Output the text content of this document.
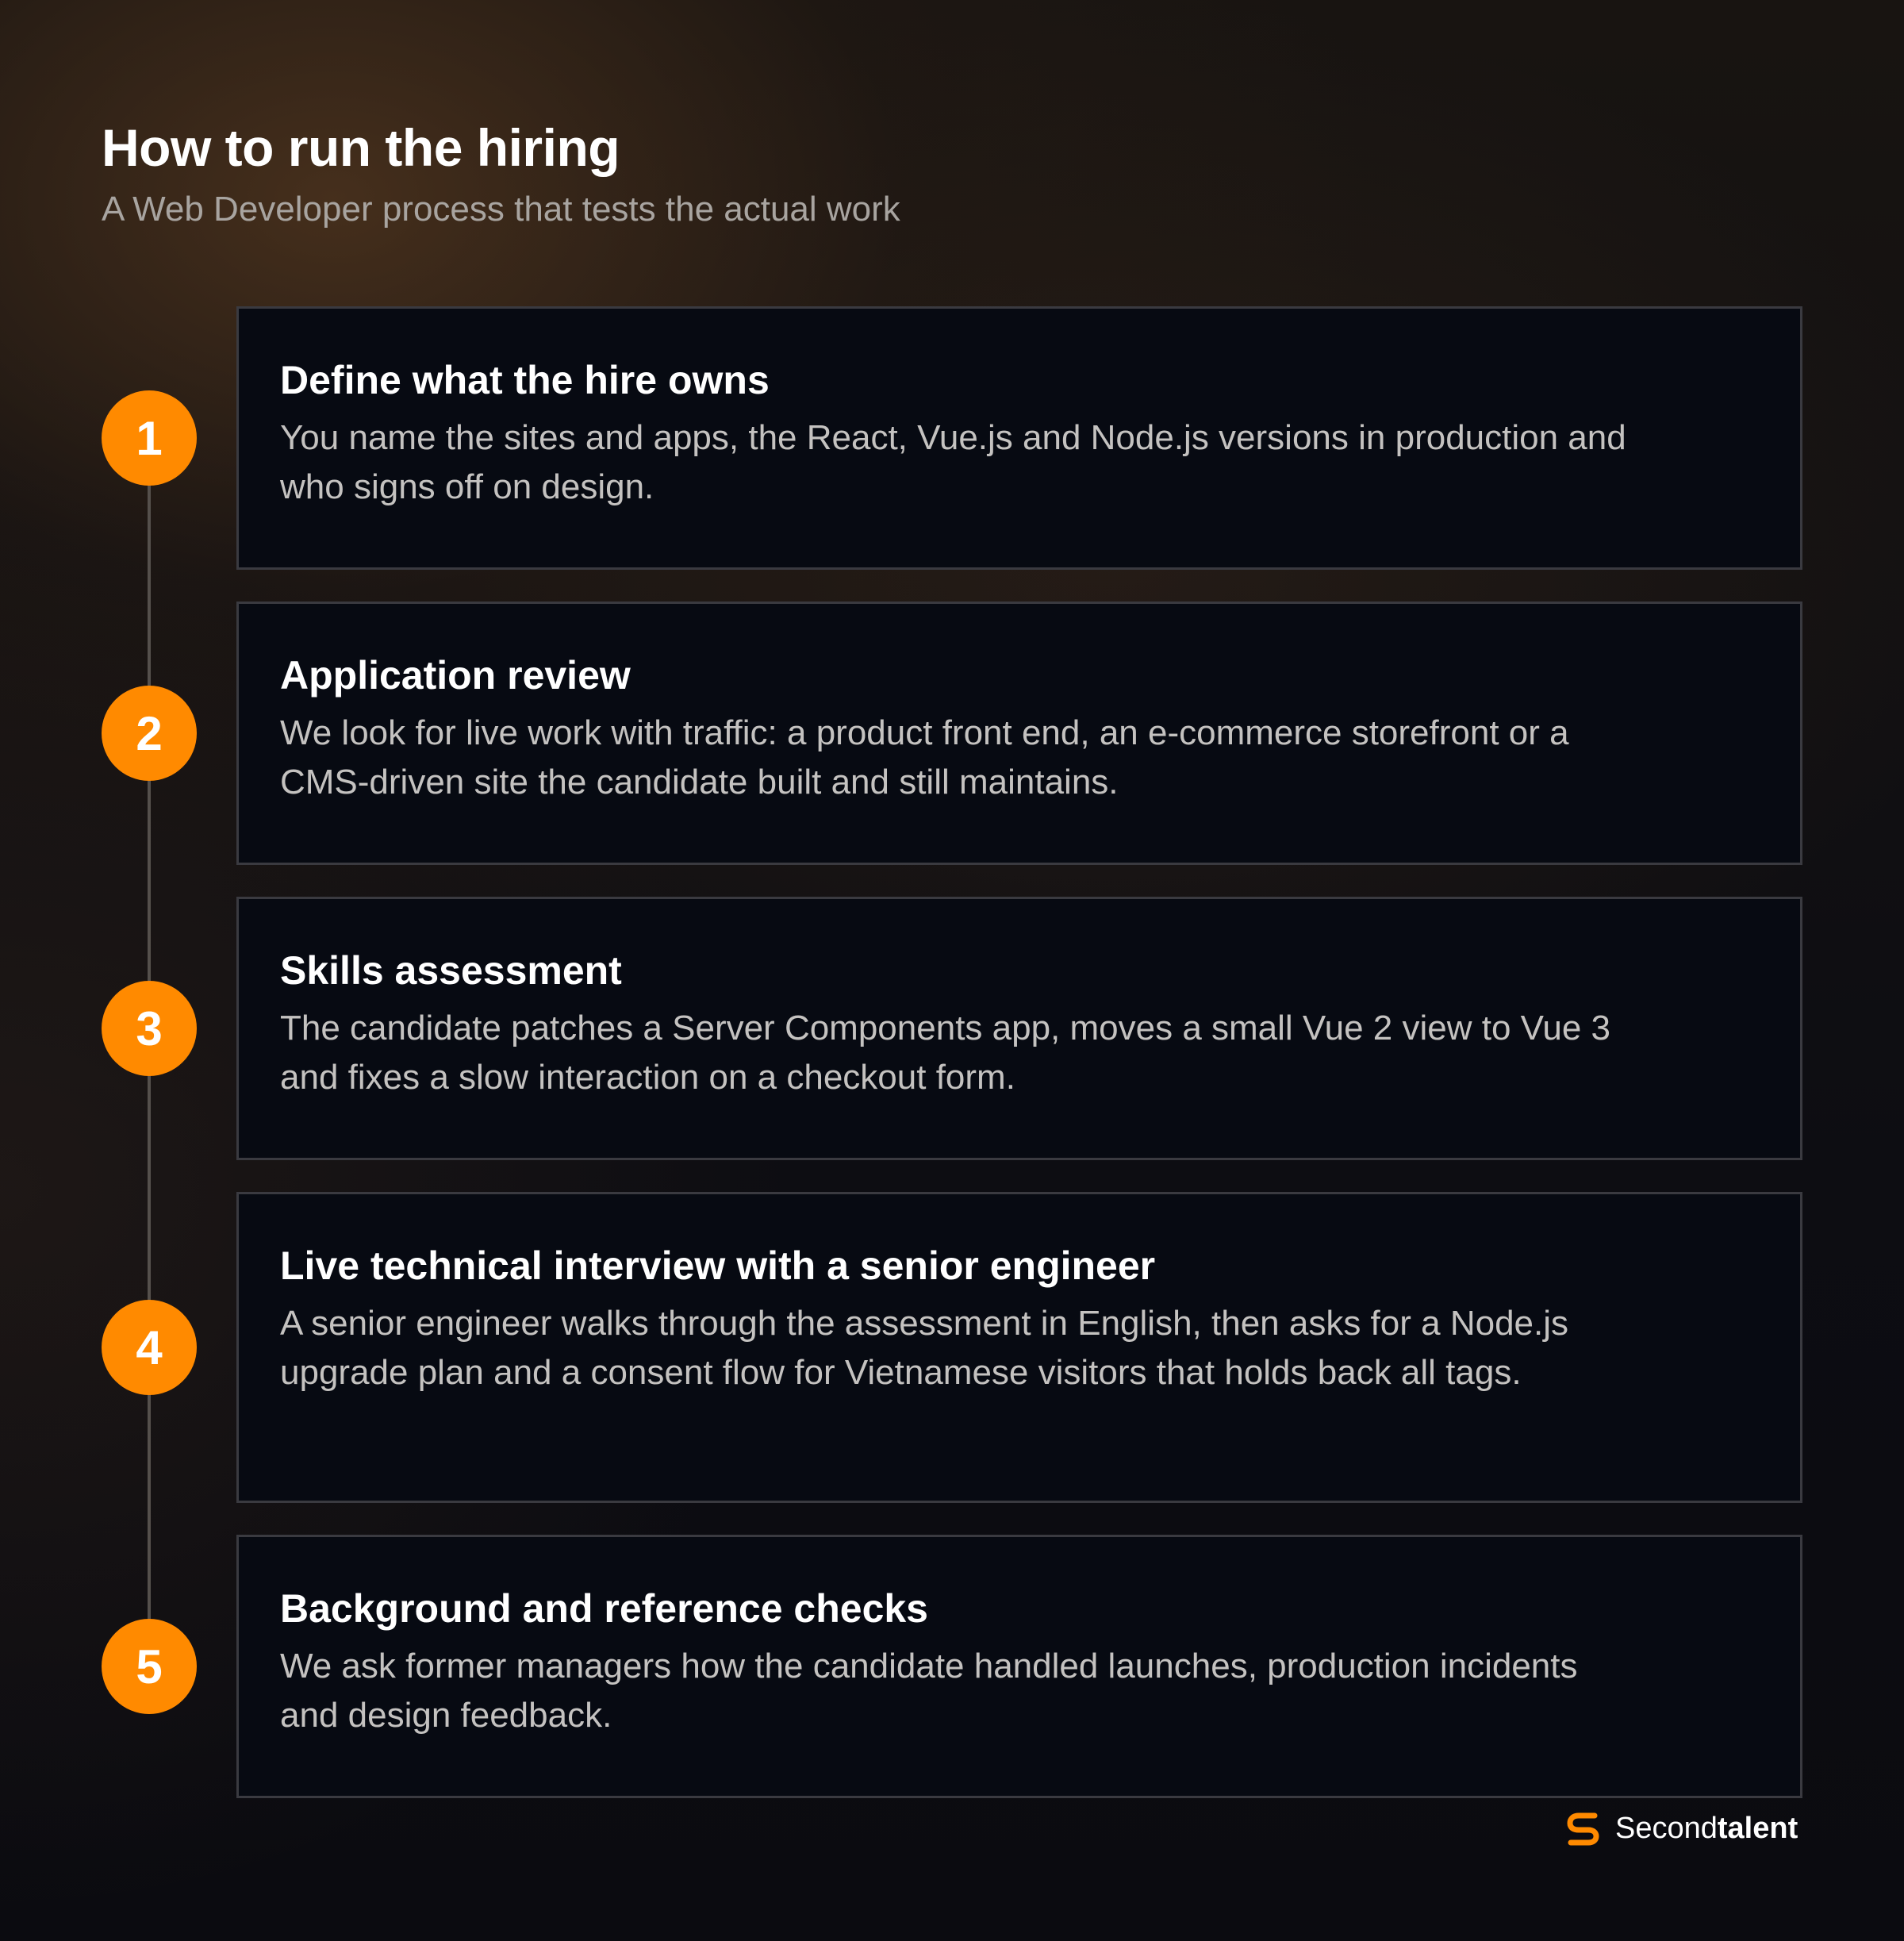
How to run the hiring

A Web Developer process that tests the actual work

1
Define what the hire owns

You name the sites and apps, the React, Vue.js and Node.js versions in production and who signs off on design.

2
Application review

We look for live work with traffic: a product front end, an e-commerce storefront or a CMS-driven site the candidate built and still maintains.

3
Skills assessment

The candidate patches a Server Components app, moves a small Vue 2 view to Vue 3 and fixes a slow interaction on a checkout form.

4
Live technical interview with a senior engineer

A senior engineer walks through the assessment in English, then asks for a Node.js upgrade plan and a consent flow for Vietnamese visitors that holds back all tags.

5
Background and reference checks

We ask former managers how the candidate handled launches, production incidents and design feedback.

Secondtalent
